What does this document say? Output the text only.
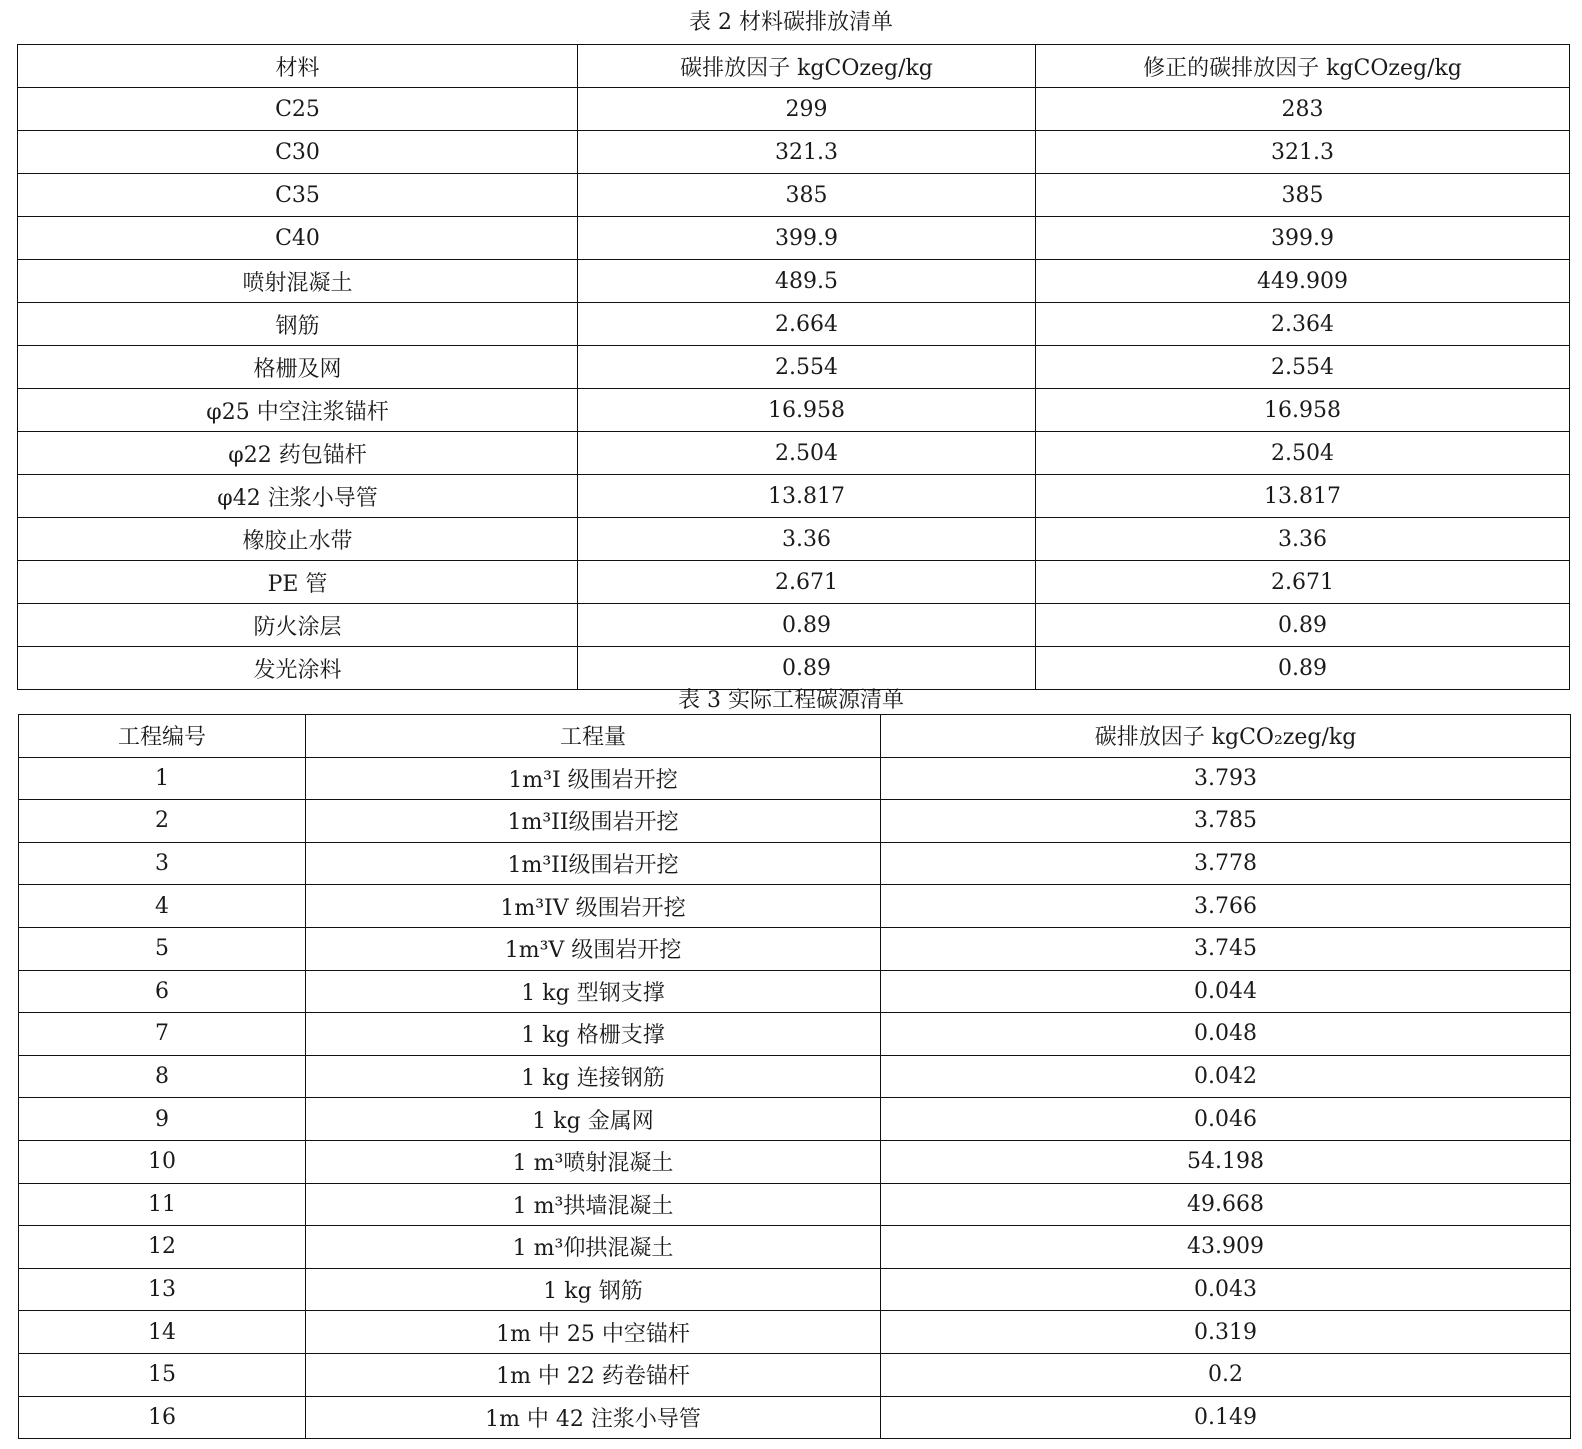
表 2 材料碳排放清单
材料	碳排放因子 kgCOzeg/kg	修正的碳排放因子 kgCOzeg/kg
C25	299	283
C30	321.3	321.3
C35	385	385
C40	399.9	399.9
喷射混凝土	489.5	449.909
钢筋	2.664	2.364
格栅及网	2.554	2.554
φ25 中空注浆锚杆	16.958	16.958
φ22 药包锚杆	2.504	2.504
φ42 注浆小导管	13.817	13.817
橡胶止水带	3.36	3.36
PE 管	2.671	2.671
防火涂层	0.89	0.89
发光涂料	0.89	0.89
表 3 实际工程碳源清单
工程编号	工程量	碳排放因子 kgCO₂zeg/kg
1	1m³I 级围岩开挖	3.793
2	1m³II级围岩开挖	3.785
3	1m³II级围岩开挖	3.778
4	1m³IV 级围岩开挖	3.766
5	1m³V 级围岩开挖	3.745
6	1 kg 型钢支撑	0.044
7	1 kg 格栅支撑	0.048
8	1 kg 连接钢筋	0.042
9	1 kg 金属网	0.046
10	1 m³喷射混凝土	54.198
11	1 m³拱墙混凝土	49.668
12	1 m³仰拱混凝土	43.909
13	1 kg 钢筋	0.043
14	1m 中 25 中空锚杆	0.319
15	1m 中 22 药卷锚杆	0.2
16	1m 中 42 注浆小导管	0.149
